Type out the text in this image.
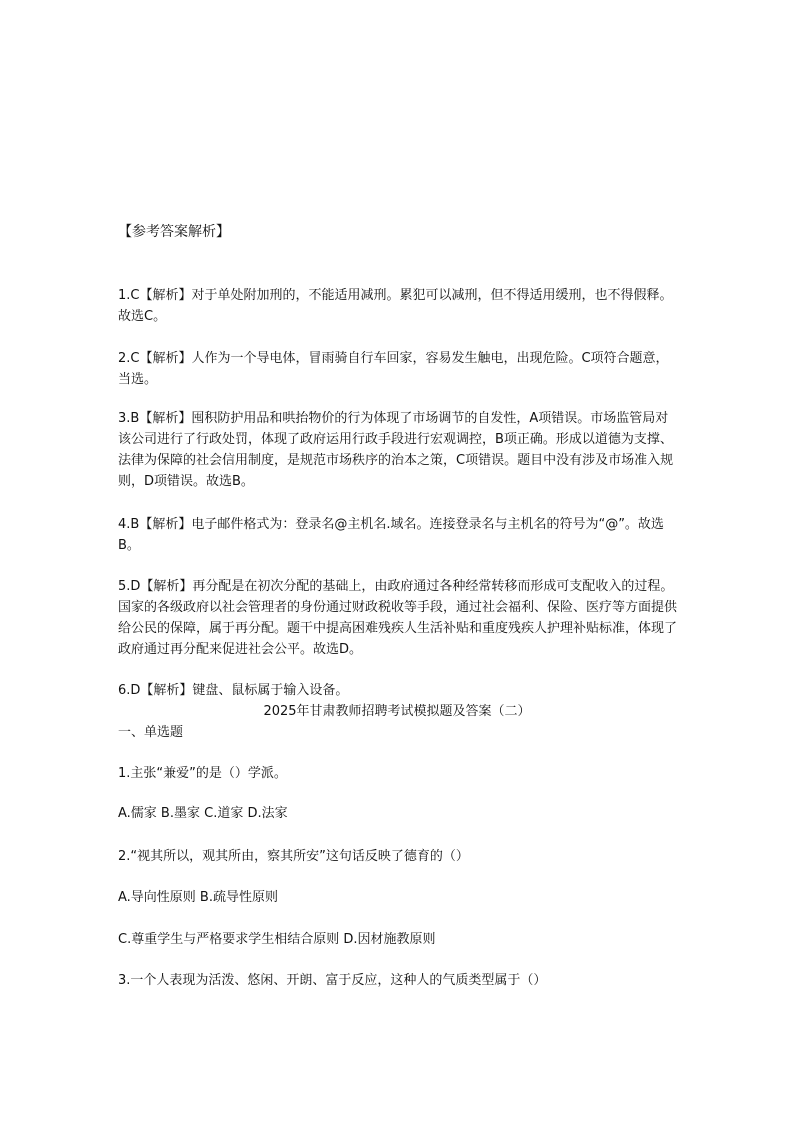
【参考答案解析】
1.C【解析】对于单处附加刑的，不能适用减刑。累犯可以减刑，但不得适用缓刑，也不得假释。故选C。
2.C【解析】人作为一个导电体，冒雨骑自行车回家，容易发生触电，出现危险。C项符合题意，当选。
3.B【解析】囤积防护用品和哄抬物价的行为体现了市场调节的自发性，A项错误。市场监管局对该公司进行了行政处罚，体现了政府运用行政手段进行宏观调控，B项正确。形成以道德为支撑、法律为保障的社会信用制度，是规范市场秩序的治本之策，C项错误。题目中没有涉及市场准入规则，D项错误。故选B。
4.B【解析】电子邮件格式为：登录名@主机名.域名。连接登录名与主机名的符号为“@”。故选B。
5.D【解析】再分配是在初次分配的基础上，由政府通过各种经常转移而形成可支配收入的过程。国家的各级政府以社会管理者的身份通过财政税收等手段，通过社会福利、保险、医疗等方面提供给公民的保障，属于再分配。题干中提高困难残疾人生活补贴和重度残疾人护理补贴标准，体现了政府通过再分配来促进社会公平。故选D。
6.D【解析】键盘、鼠标属于输入设备。
2025年甘肃教师招聘考试模拟题及答案（二）
一、单选题
1.主张“兼爱”的是（）学派。
A.儒家 B.墨家 C.道家 D.法家
2.“视其所以，观其所由，察其所安”这句话反映了德育的（）
A.导向性原则 B.疏导性原则
C.尊重学生与严格要求学生相结合原则 D.因材施教原则
3.一个人表现为活泼、悠闲、开朗、富于反应，这种人的气质类型属于（）
